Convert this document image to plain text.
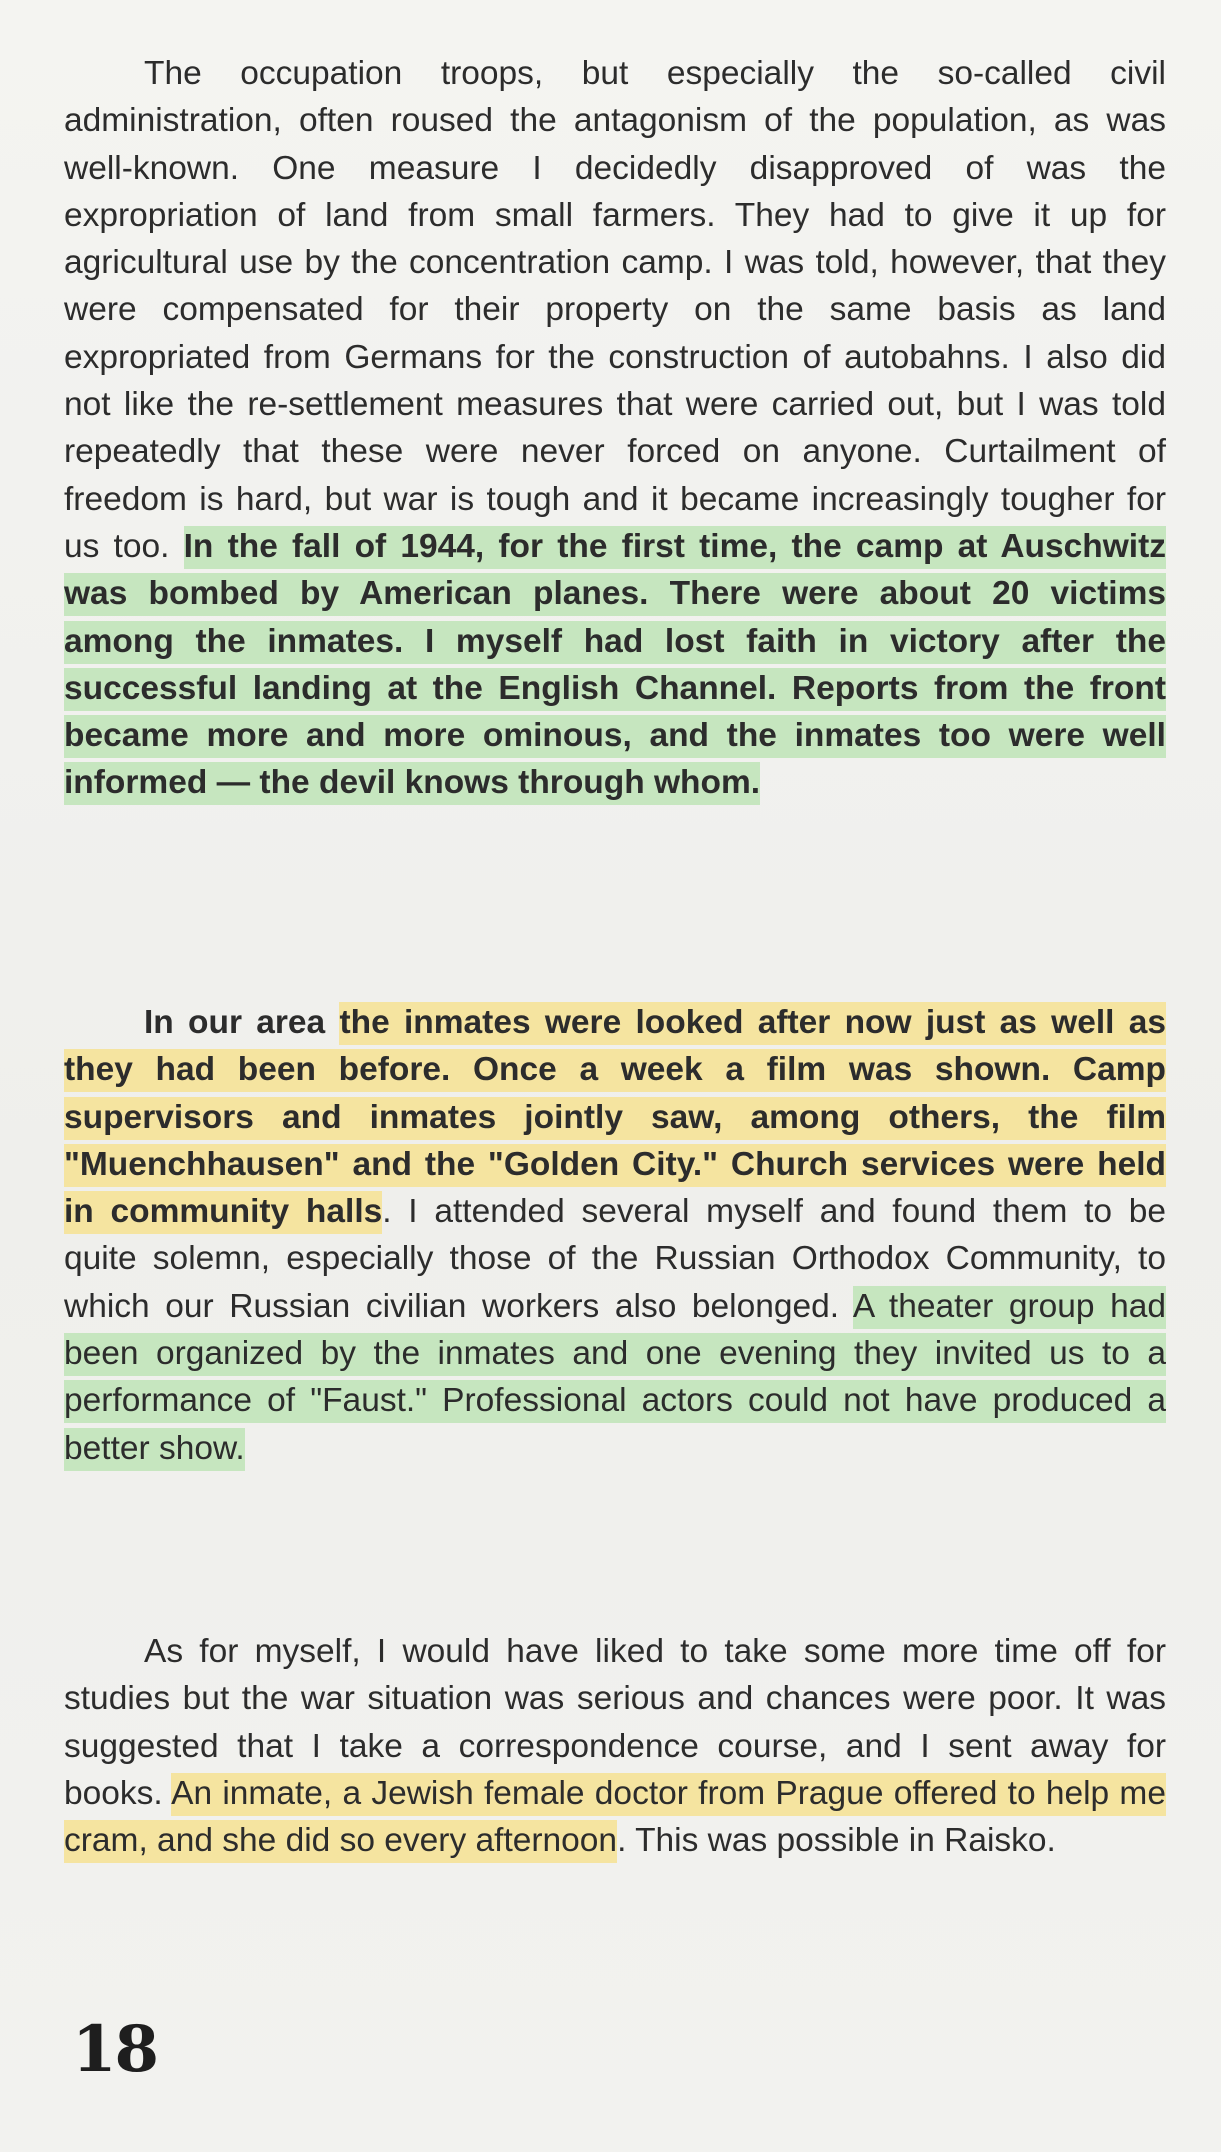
The occupation troops, but especially the so-called civil administration, often roused the antagonism of the population, as was well-known. One measure I decidedly disapproved of was the expropriation of land from small farmers. They had to give it up for agricultural use by the concentration camp. I was told, however, that they were compensated for their property on the same basis as land expropriated from Germans for the construction of autobahns. I also did not like the re-settlement measures that were carried out, but I was told repeatedly that these were never forced on anyone. Curtailment of freedom is hard, but war is tough and it became increasingly tougher for us too. In the fall of 1944, for the first time, the camp at Auschwitz was bombed by American planes. There were about 20 victims among the inmates. I myself had lost faith in victory after the successful landing at the English Channel. Reports from the front became more and more ominous, and the inmates too were well informed — the devil knows through whom.

In our area the inmates were looked after now just as well as they had been before. Once a week a film was shown. Camp supervisors and inmates jointly saw, among others, the film "Muenchhausen" and the "Golden City." Church services were held in community halls. I attended several myself and found them to be quite solemn, especially those of the Russian Orthodox Community, to which our Russian civilian workers also belonged. A theater group had been organized by the inmates and one evening they invited us to a performance of "Faust." Professional actors could not have produced a better show.

As for myself, I would have liked to take some more time off for studies but the war situation was serious and chances were poor. It was suggested that I take a correspondence course, and I sent away for books. An inmate, a Jewish female doctor from Prague offered to help me cram, and she did so every afternoon. This was possible in Raisko.

18
